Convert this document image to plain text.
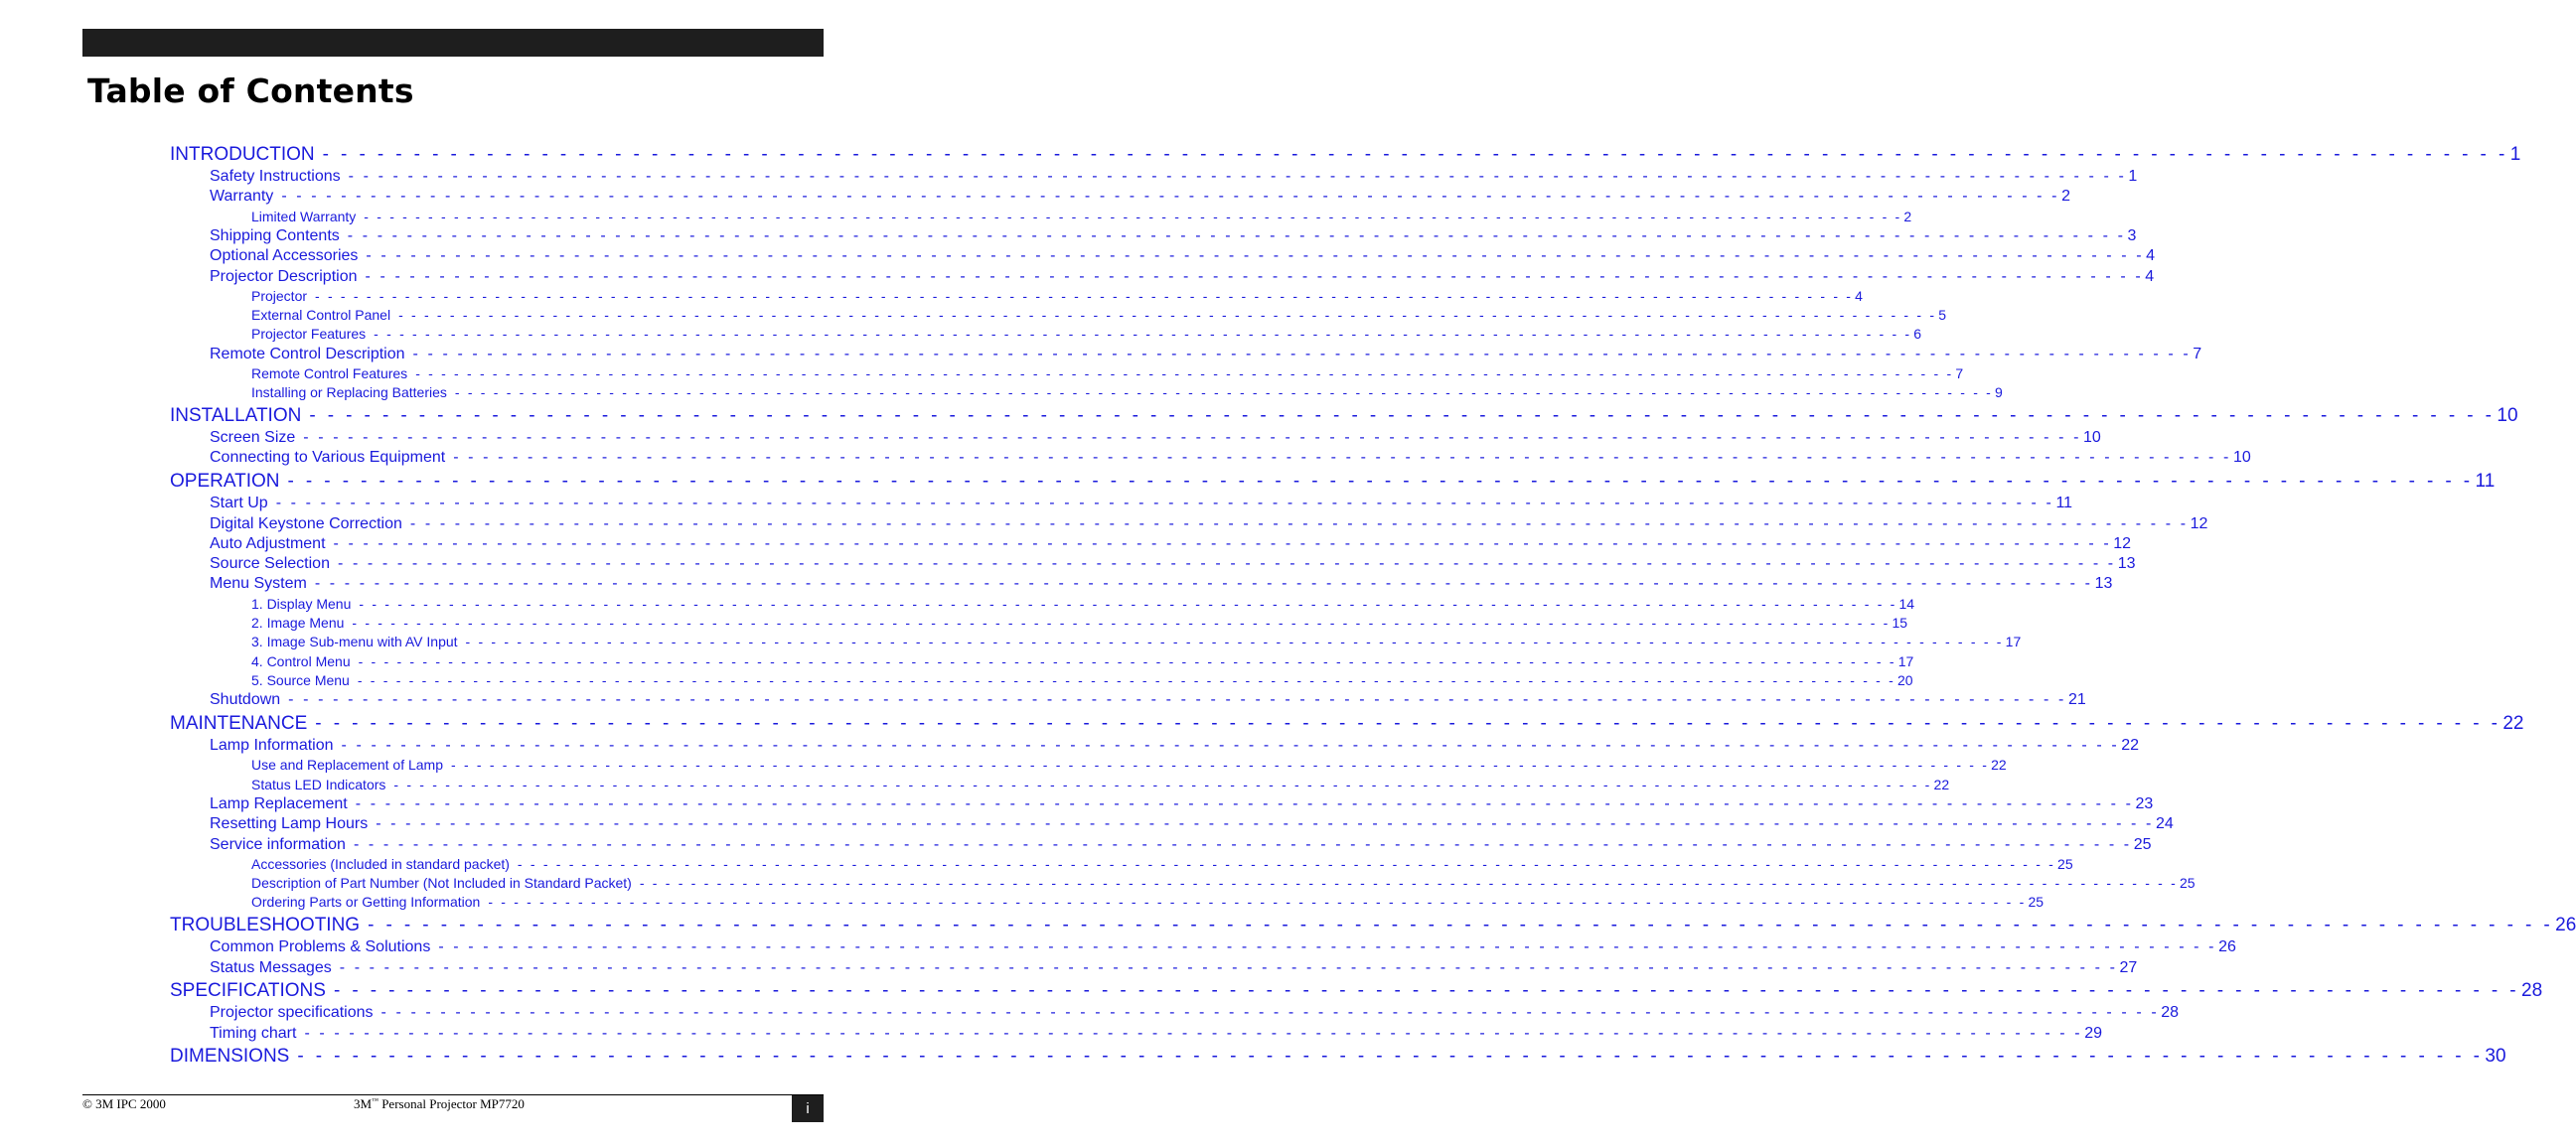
Table of Contents
INTRODUCTION - - - - - - - - - - - - - - - - - - - - - - - - - - - - - - - - - - - - - - - - - - - - - - - - - - - - - - - - - - - - - - - - - - - - - - - - - - - - - - - - - - - - - - - - - - - - - - - - - - - - - - - - - - - - - - - - - - - - - - - - 1
Safety Instructions - - - - - - - - - - - - - - - - - - - - - - - - - - - - - - - - - - - - - - - - - - - - - - - - - - - - - - - - - - - - - - - - - - - - - - - - - - - - - - - - - - - - - - - - - - - - - - - - - - - - - - - - - - - - - - - - - - - - - - - - 1
Warranty - - - - - - - - - - - - - - - - - - - - - - - - - - - - - - - - - - - - - - - - - - - - - - - - - - - - - - - - - - - - - - - - - - - - - - - - - - - - - - - - - - - - - - - - - - - - - - - - - - - - - - - - - - - - - - - - - - - - - - - - 2
Limited Warranty - - - - - - - - - - - - - - - - - - - - - - - - - - - - - - - - - - - - - - - - - - - - - - - - - - - - - - - - - - - - - - - - - - - - - - - - - - - - - - - - - - - - - - - - - - - - - - - - - - - - - - - - - - - - - - - - - - - - - - - - 2
Shipping Contents - - - - - - - - - - - - - - - - - - - - - - - - - - - - - - - - - - - - - - - - - - - - - - - - - - - - - - - - - - - - - - - - - - - - - - - - - - - - - - - - - - - - - - - - - - - - - - - - - - - - - - - - - - - - - - - - - - - - - - - - 3
Optional Accessories - - - - - - - - - - - - - - - - - - - - - - - - - - - - - - - - - - - - - - - - - - - - - - - - - - - - - - - - - - - - - - - - - - - - - - - - - - - - - - - - - - - - - - - - - - - - - - - - - - - - - - - - - - - - - - - - - - - - - - - - 4
Projector Description - - - - - - - - - - - - - - - - - - - - - - - - - - - - - - - - - - - - - - - - - - - - - - - - - - - - - - - - - - - - - - - - - - - - - - - - - - - - - - - - - - - - - - - - - - - - - - - - - - - - - - - - - - - - - - - - - - - - - - - - 4
Projector - - - - - - - - - - - - - - - - - - - - - - - - - - - - - - - - - - - - - - - - - - - - - - - - - - - - - - - - - - - - - - - - - - - - - - - - - - - - - - - - - - - - - - - - - - - - - - - - - - - - - - - - - - - - - - - - - - - - - - - - 4
External Control Panel - - - - - - - - - - - - - - - - - - - - - - - - - - - - - - - - - - - - - - - - - - - - - - - - - - - - - - - - - - - - - - - - - - - - - - - - - - - - - - - - - - - - - - - - - - - - - - - - - - - - - - - - - - - - - - - - - - - - - - - - 5
Projector Features - - - - - - - - - - - - - - - - - - - - - - - - - - - - - - - - - - - - - - - - - - - - - - - - - - - - - - - - - - - - - - - - - - - - - - - - - - - - - - - - - - - - - - - - - - - - - - - - - - - - - - - - - - - - - - - - - - - - - - - - 6
Remote Control Description - - - - - - - - - - - - - - - - - - - - - - - - - - - - - - - - - - - - - - - - - - - - - - - - - - - - - - - - - - - - - - - - - - - - - - - - - - - - - - - - - - - - - - - - - - - - - - - - - - - - - - - - - - - - - - - - - - - - - - - - 7
Remote Control Features - - - - - - - - - - - - - - - - - - - - - - - - - - - - - - - - - - - - - - - - - - - - - - - - - - - - - - - - - - - - - - - - - - - - - - - - - - - - - - - - - - - - - - - - - - - - - - - - - - - - - - - - - - - - - - - - - - - - - - - - 7
Installing or Replacing Batteries - - - - - - - - - - - - - - - - - - - - - - - - - - - - - - - - - - - - - - - - - - - - - - - - - - - - - - - - - - - - - - - - - - - - - - - - - - - - - - - - - - - - - - - - - - - - - - - - - - - - - - - - - - - - - - - - - - - - - - - - 9
INSTALLATION - - - - - - - - - - - - - - - - - - - - - - - - - - - - - - - - - - - - - - - - - - - - - - - - - - - - - - - - - - - - - - - - - - - - - - - - - - - - - - - - - - - - - - - - - - - - - - - - - - - - - - - - - - - - - - - - - - - - - - - - 10
Screen Size - - - - - - - - - - - - - - - - - - - - - - - - - - - - - - - - - - - - - - - - - - - - - - - - - - - - - - - - - - - - - - - - - - - - - - - - - - - - - - - - - - - - - - - - - - - - - - - - - - - - - - - - - - - - - - - - - - - - - - - - 10
Connecting to Various Equipment - - - - - - - - - - - - - - - - - - - - - - - - - - - - - - - - - - - - - - - - - - - - - - - - - - - - - - - - - - - - - - - - - - - - - - - - - - - - - - - - - - - - - - - - - - - - - - - - - - - - - - - - - - - - - - - - - - - - - - - - 10
OPERATION - - - - - - - - - - - - - - - - - - - - - - - - - - - - - - - - - - - - - - - - - - - - - - - - - - - - - - - - - - - - - - - - - - - - - - - - - - - - - - - - - - - - - - - - - - - - - - - - - - - - - - - - - - - - - - - - - - - - - - - - 11
Start Up - - - - - - - - - - - - - - - - - - - - - - - - - - - - - - - - - - - - - - - - - - - - - - - - - - - - - - - - - - - - - - - - - - - - - - - - - - - - - - - - - - - - - - - - - - - - - - - - - - - - - - - - - - - - - - - - - - - - - - - - 11
Digital Keystone Correction - - - - - - - - - - - - - - - - - - - - - - - - - - - - - - - - - - - - - - - - - - - - - - - - - - - - - - - - - - - - - - - - - - - - - - - - - - - - - - - - - - - - - - - - - - - - - - - - - - - - - - - - - - - - - - - - - - - - - - - - 12
Auto Adjustment - - - - - - - - - - - - - - - - - - - - - - - - - - - - - - - - - - - - - - - - - - - - - - - - - - - - - - - - - - - - - - - - - - - - - - - - - - - - - - - - - - - - - - - - - - - - - - - - - - - - - - - - - - - - - - - - - - - - - - - - 12
Source Selection - - - - - - - - - - - - - - - - - - - - - - - - - - - - - - - - - - - - - - - - - - - - - - - - - - - - - - - - - - - - - - - - - - - - - - - - - - - - - - - - - - - - - - - - - - - - - - - - - - - - - - - - - - - - - - - - - - - - - - - - 13
Menu System - - - - - - - - - - - - - - - - - - - - - - - - - - - - - - - - - - - - - - - - - - - - - - - - - - - - - - - - - - - - - - - - - - - - - - - - - - - - - - - - - - - - - - - - - - - - - - - - - - - - - - - - - - - - - - - - - - - - - - - - 13
1. Display Menu - - - - - - - - - - - - - - - - - - - - - - - - - - - - - - - - - - - - - - - - - - - - - - - - - - - - - - - - - - - - - - - - - - - - - - - - - - - - - - - - - - - - - - - - - - - - - - - - - - - - - - - - - - - - - - - - - - - - - - - - 14
2. Image Menu - - - - - - - - - - - - - - - - - - - - - - - - - - - - - - - - - - - - - - - - - - - - - - - - - - - - - - - - - - - - - - - - - - - - - - - - - - - - - - - - - - - - - - - - - - - - - - - - - - - - - - - - - - - - - - - - - - - - - - - - 15
3. Image Sub-menu with AV Input - - - - - - - - - - - - - - - - - - - - - - - - - - - - - - - - - - - - - - - - - - - - - - - - - - - - - - - - - - - - - - - - - - - - - - - - - - - - - - - - - - - - - - - - - - - - - - - - - - - - - - - - - - - - - - - - - - - - - - - - 17
4. Control Menu - - - - - - - - - - - - - - - - - - - - - - - - - - - - - - - - - - - - - - - - - - - - - - - - - - - - - - - - - - - - - - - - - - - - - - - - - - - - - - - - - - - - - - - - - - - - - - - - - - - - - - - - - - - - - - - - - - - - - - - - 17
5. Source Menu - - - - - - - - - - - - - - - - - - - - - - - - - - - - - - - - - - - - - - - - - - - - - - - - - - - - - - - - - - - - - - - - - - - - - - - - - - - - - - - - - - - - - - - - - - - - - - - - - - - - - - - - - - - - - - - - - - - - - - - - 20
Shutdown - - - - - - - - - - - - - - - - - - - - - - - - - - - - - - - - - - - - - - - - - - - - - - - - - - - - - - - - - - - - - - - - - - - - - - - - - - - - - - - - - - - - - - - - - - - - - - - - - - - - - - - - - - - - - - - - - - - - - - - - 21
MAINTENANCE - - - - - - - - - - - - - - - - - - - - - - - - - - - - - - - - - - - - - - - - - - - - - - - - - - - - - - - - - - - - - - - - - - - - - - - - - - - - - - - - - - - - - - - - - - - - - - - - - - - - - - - - - - - - - - - - - - - - - - - - 22
Lamp Information - - - - - - - - - - - - - - - - - - - - - - - - - - - - - - - - - - - - - - - - - - - - - - - - - - - - - - - - - - - - - - - - - - - - - - - - - - - - - - - - - - - - - - - - - - - - - - - - - - - - - - - - - - - - - - - - - - - - - - - - 22
Use and Replacement of Lamp - - - - - - - - - - - - - - - - - - - - - - - - - - - - - - - - - - - - - - - - - - - - - - - - - - - - - - - - - - - - - - - - - - - - - - - - - - - - - - - - - - - - - - - - - - - - - - - - - - - - - - - - - - - - - - - - - - - - - - - - 22
Status LED Indicators - - - - - - - - - - - - - - - - - - - - - - - - - - - - - - - - - - - - - - - - - - - - - - - - - - - - - - - - - - - - - - - - - - - - - - - - - - - - - - - - - - - - - - - - - - - - - - - - - - - - - - - - - - - - - - - - - - - - - - - - 22
Lamp Replacement - - - - - - - - - - - - - - - - - - - - - - - - - - - - - - - - - - - - - - - - - - - - - - - - - - - - - - - - - - - - - - - - - - - - - - - - - - - - - - - - - - - - - - - - - - - - - - - - - - - - - - - - - - - - - - - - - - - - - - - - 23
Resetting Lamp Hours - - - - - - - - - - - - - - - - - - - - - - - - - - - - - - - - - - - - - - - - - - - - - - - - - - - - - - - - - - - - - - - - - - - - - - - - - - - - - - - - - - - - - - - - - - - - - - - - - - - - - - - - - - - - - - - - - - - - - - - - 24
Service information - - - - - - - - - - - - - - - - - - - - - - - - - - - - - - - - - - - - - - - - - - - - - - - - - - - - - - - - - - - - - - - - - - - - - - - - - - - - - - - - - - - - - - - - - - - - - - - - - - - - - - - - - - - - - - - - - - - - - - - - 25
Accessories (Included in standard packet) - - - - - - - - - - - - - - - - - - - - - - - - - - - - - - - - - - - - - - - - - - - - - - - - - - - - - - - - - - - - - - - - - - - - - - - - - - - - - - - - - - - - - - - - - - - - - - - - - - - - - - - - - - - - - - - - - - - - - - - - 25
Description of Part Number (Not Included in Standard Packet) - - - - - - - - - - - - - - - - - - - - - - - - - - - - - - - - - - - - - - - - - - - - - - - - - - - - - - - - - - - - - - - - - - - - - - - - - - - - - - - - - - - - - - - - - - - - - - - - - - - - - - - - - - - - - - - - - - - - - - - - 25
Ordering Parts or Getting Information - - - - - - - - - - - - - - - - - - - - - - - - - - - - - - - - - - - - - - - - - - - - - - - - - - - - - - - - - - - - - - - - - - - - - - - - - - - - - - - - - - - - - - - - - - - - - - - - - - - - - - - - - - - - - - - - - - - - - - - - 25
TROUBLESHOOTING - - - - - - - - - - - - - - - - - - - - - - - - - - - - - - - - - - - - - - - - - - - - - - - - - - - - - - - - - - - - - - - - - - - - - - - - - - - - - - - - - - - - - - - - - - - - - - - - - - - - - - - - - - - - - - - - - - - - - - - - 26
Common Problems & Solutions - - - - - - - - - - - - - - - - - - - - - - - - - - - - - - - - - - - - - - - - - - - - - - - - - - - - - - - - - - - - - - - - - - - - - - - - - - - - - - - - - - - - - - - - - - - - - - - - - - - - - - - - - - - - - - - - - - - - - - - - 26
Status Messages - - - - - - - - - - - - - - - - - - - - - - - - - - - - - - - - - - - - - - - - - - - - - - - - - - - - - - - - - - - - - - - - - - - - - - - - - - - - - - - - - - - - - - - - - - - - - - - - - - - - - - - - - - - - - - - - - - - - - - - - 27
SPECIFICATIONS - - - - - - - - - - - - - - - - - - - - - - - - - - - - - - - - - - - - - - - - - - - - - - - - - - - - - - - - - - - - - - - - - - - - - - - - - - - - - - - - - - - - - - - - - - - - - - - - - - - - - - - - - - - - - - - - - - - - - - - - 28
Projector specifications - - - - - - - - - - - - - - - - - - - - - - - - - - - - - - - - - - - - - - - - - - - - - - - - - - - - - - - - - - - - - - - - - - - - - - - - - - - - - - - - - - - - - - - - - - - - - - - - - - - - - - - - - - - - - - - - - - - - - - - - 28
Timing chart - - - - - - - - - - - - - - - - - - - - - - - - - - - - - - - - - - - - - - - - - - - - - - - - - - - - - - - - - - - - - - - - - - - - - - - - - - - - - - - - - - - - - - - - - - - - - - - - - - - - - - - - - - - - - - - - - - - - - - - - 29
DIMENSIONS - - - - - - - - - - - - - - - - - - - - - - - - - - - - - - - - - - - - - - - - - - - - - - - - - - - - - - - - - - - - - - - - - - - - - - - - - - - - - - - - - - - - - - - - - - - - - - - - - - - - - - - - - - - - - - - - - - - - - - - - 30
© 3M IPC 2000	3M™ Personal Projector MP7720	i
